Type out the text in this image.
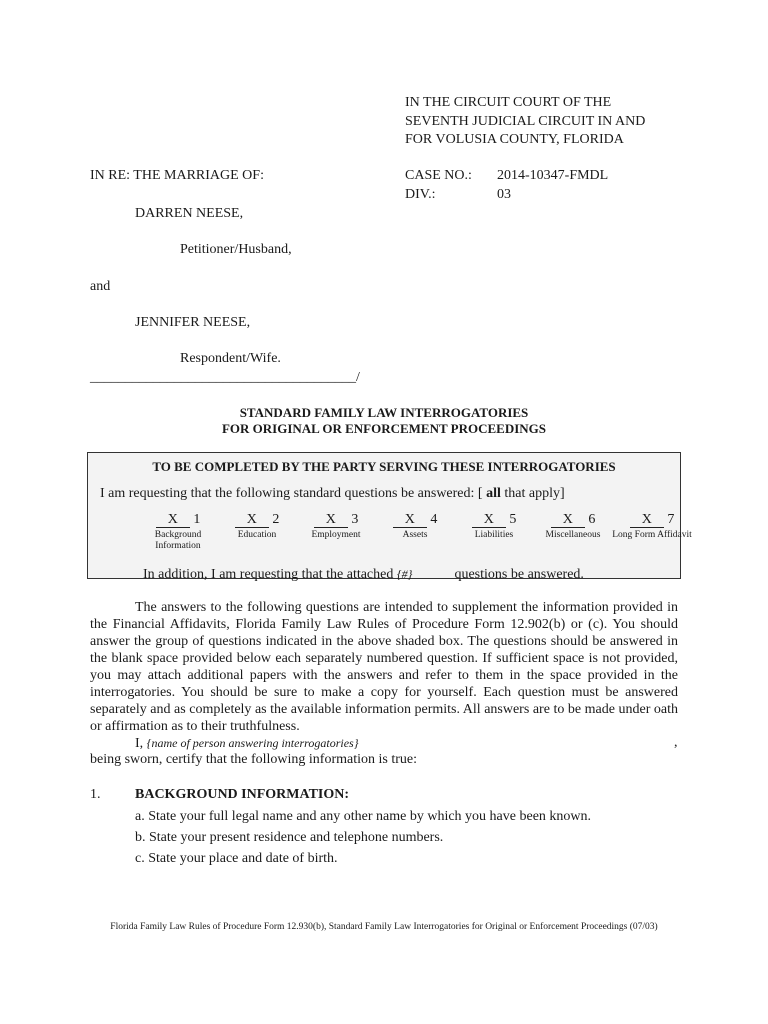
IN THE CIRCUIT COURT OF THE
SEVENTH JUDICIAL CIRCUIT IN AND
FOR VOLUSIA COUNTY, FLORIDA
IN RE: THE MARRIAGE OF:	CASE NO.: 2014-10347-FMDL
DIV.:	03
DARREN NEESE,
Petitioner/Husband,
and
JENNIFER NEESE,
Respondent/Wife.
______________________________________/
STANDARD FAMILY LAW INTERROGATORIES
FOR ORIGINAL OR ENFORCEMENT PROCEEDINGS
TO BE COMPLETED BY THE PARTY SERVING THESE INTERROGATORIES
I am requesting that the following standard questions be answered: [ all that apply]
X 1
Background Information
X 2
Education
X 3
Employment
X 4
Assets
X 5
Liabilities
X 6
Miscellaneous
X 7
Long Form Affidavit
In addition, I am requesting that the attached {#}	questions be answered.
The answers to the following questions are intended to supplement the information provided in the Financial Affidavits, Florida Family Law Rules of Procedure Form 12.902(b) or (c). You should answer the group of questions indicated in the above shaded box. The questions should be answered in the blank space provided below each separately numbered question. If sufficient space is not provided, you may attach additional papers with the answers and refer to them in the space provided in the interrogatories. You should be sure to make a copy for yourself. Each question must be answered separately and as completely as the available information permits. All answers are to be made under oath or affirmation as to their truthfulness.
I, {name of person answering interrogatories}	,
being sworn, certify that the following information is true:
1. BACKGROUND INFORMATION:
a. State your full legal name and any other name by which you have been known.
b. State your present residence and telephone numbers.
c. State your place and date of birth.
Florida Family Law Rules of Procedure Form 12.930(b), Standard Family Law Interrogatories for Original or Enforcement Proceedings (07/03)
